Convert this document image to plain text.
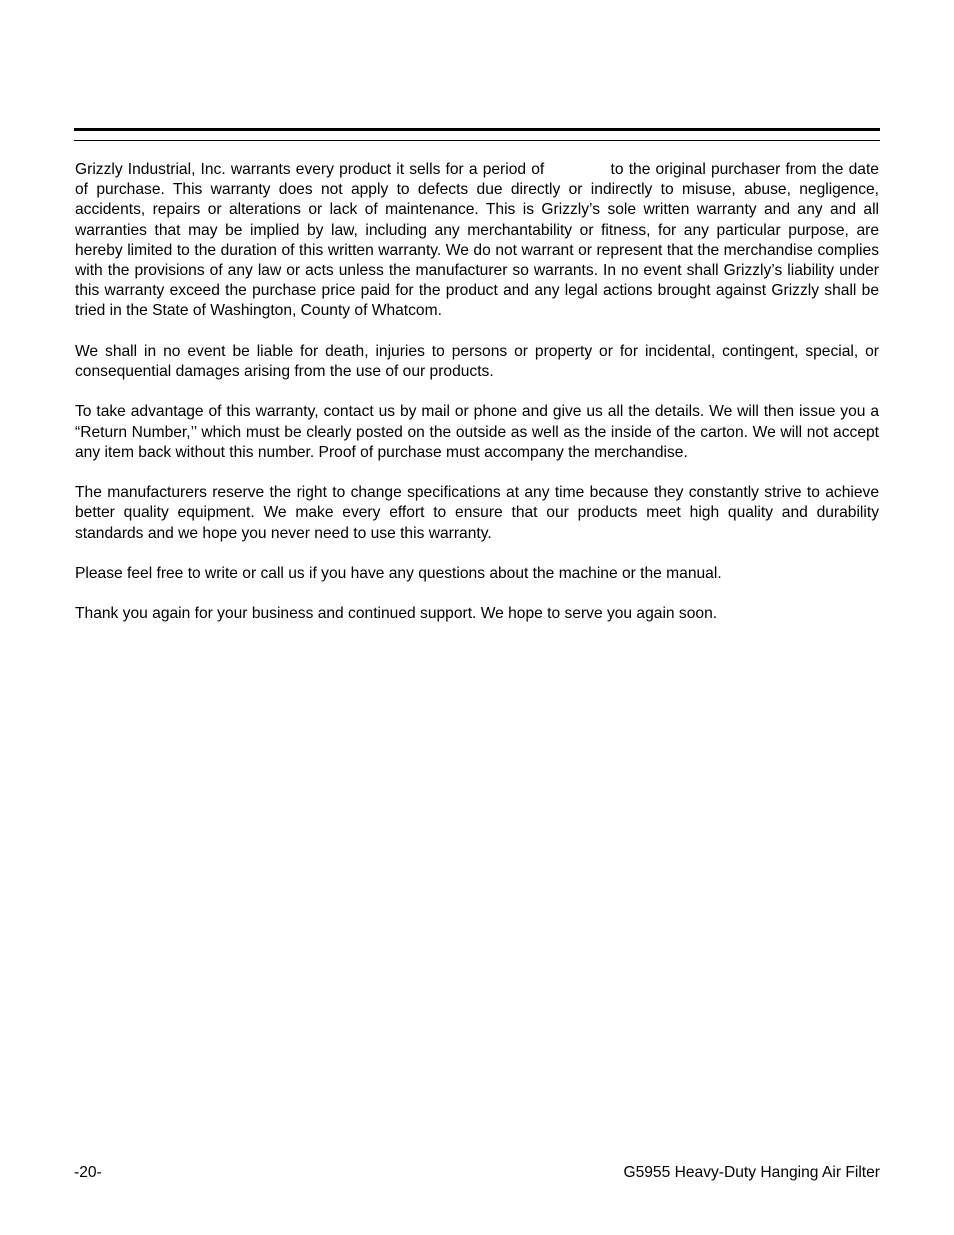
Grizzly Industrial, Inc. warrants every product it sells for a period of	to the original purchaser from the date of purchase. This warranty does not apply to defects due directly or indirectly to misuse, abuse, negligence, accidents, repairs or alterations or lack of maintenance. This is Grizzly’s sole written warranty and any and all warranties that may be implied by law, including any merchantability or fitness, for any particular purpose, are hereby limited to the duration of this written warranty. We do not warrant or represent that the merchandise complies with the provisions of any law or acts unless the manufacturer so warrants. In no event shall Grizzly’s liability under this warranty exceed the purchase price paid for the product and any legal actions brought against Grizzly shall be tried in the State of Washington, County of Whatcom.

We shall in no event be liable for death, injuries to persons or property or for incidental, contingent, special, or consequential damages arising from the use of our products.

To take advantage of this warranty, contact us by mail or phone and give us all the details. We will then issue you a “Return Number,’’ which must be clearly posted on the outside as well as the inside of the carton. We will not accept any item back without this number. Proof of purchase must accompany the merchandise.

The manufacturers reserve the right to change specifications at any time because they constantly strive to achieve better quality equipment. We make every effort to ensure that our products meet high quality and durability standards and we hope you never need to use this warranty.

Please feel free to write or call us if you have any questions about the machine or the manual.

Thank you again for your business and continued support. We hope to serve you again soon.

-20-	G5955 Heavy-Duty Hanging Air Filter
